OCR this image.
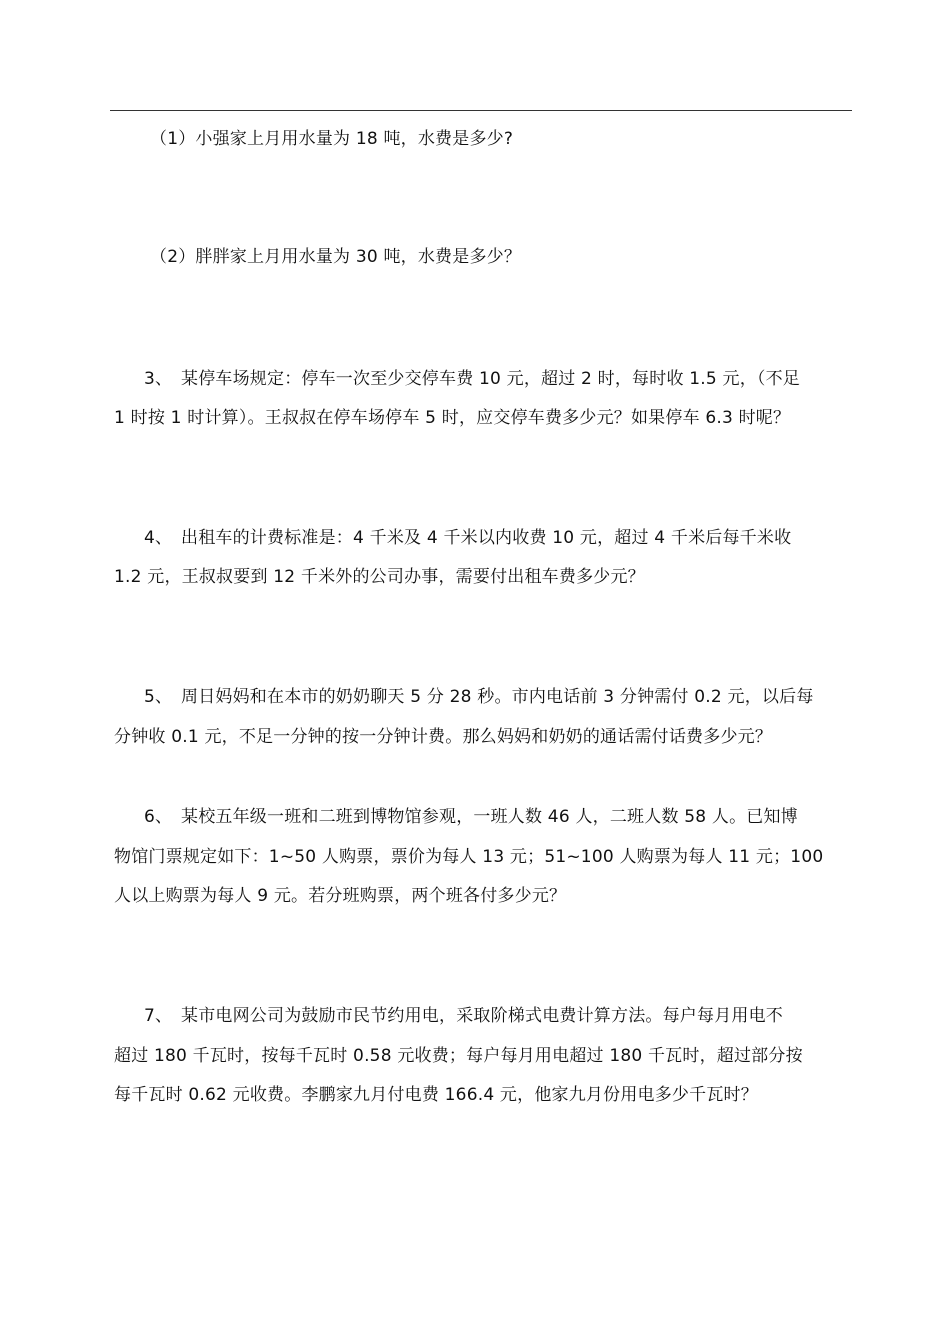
（1）小强家上月用水量为 18 吨，水费是多少?
（2）胖胖家上月用水量为 30 吨，水费是多少？
3、 某停车场规定：停车一次至少交停车费 10 元，超过 2 时，每时收 1.5 元，（不足
1 时按 1 时计算）。王叔叔在停车场停车 5 时，应交停车费多少元？如果停车 6.3 时呢？
4、 出租车的计费标准是：4 千米及 4 千米以内收费 10 元，超过 4 千米后每千米收
1.2 元，王叔叔要到 12 千米外的公司办事，需要付出租车费多少元？
5、 周日妈妈和在本市的奶奶聊天 5 分 28 秒。市内电话前 3 分钟需付 0.2 元，以后每
分钟收 0.1 元，不足一分钟的按一分钟计费。那么妈妈和奶奶的通话需付话费多少元？
6、 某校五年级一班和二班到博物馆参观，一班人数 46 人，二班人数 58 人。已知博
物馆门票规定如下：1~50 人购票，票价为每人 13 元；51~100 人购票为每人 11 元；100
人以上购票为每人 9 元。若分班购票，两个班各付多少元？
7、 某市电网公司为鼓励市民节约用电，采取阶梯式电费计算方法。每户每月用电不
超过 180 千瓦时，按每千瓦时 0.58 元收费；每户每月用电超过 180 千瓦时，超过部分按
每千瓦时 0.62 元收费。李鹏家九月付电费 166.4 元，他家九月份用电多少千瓦时？
